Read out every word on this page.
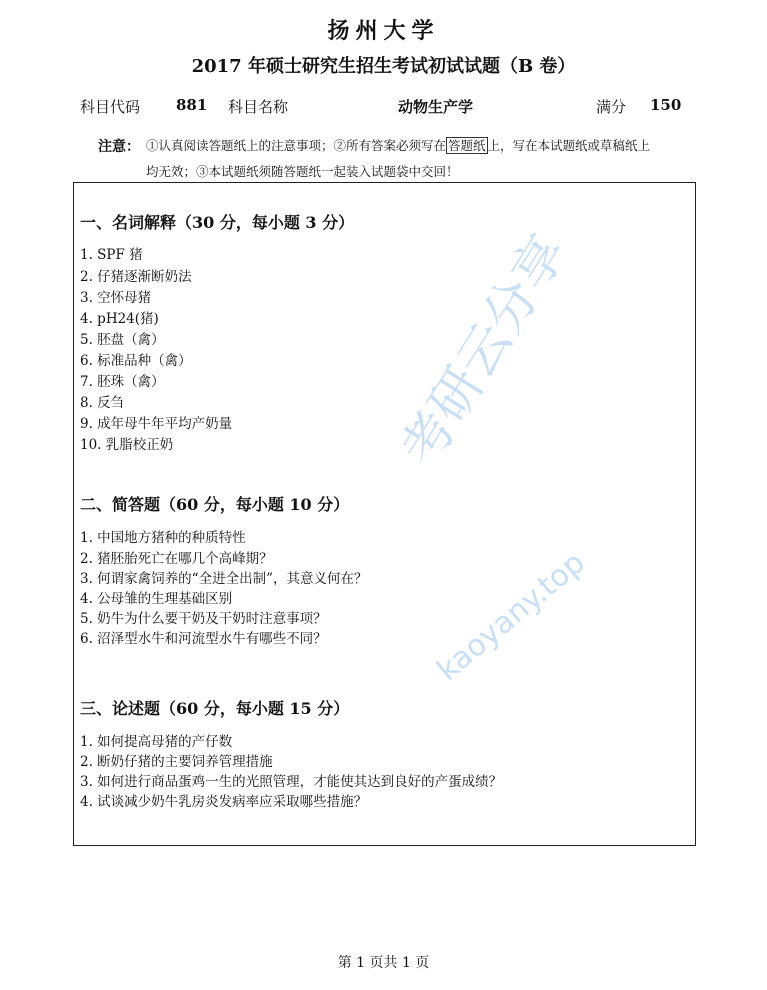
扬州大学
2017 年硕士研究生招生考试初试试题（B 卷）
科目代码 881 科目名称	动物生产学	满分 150
注意： ①认真阅读答题纸上的注意事项；②所有答案必须写在 答题纸 上，写在本试题纸或草稿纸上
均无效；③本试题纸须随答题纸一起装入试题袋中交回！
一、名词解释（30 分，每小题 3 分）
1. SPF 猪
2. 仔猪逐渐断奶法
3. 空怀母猪
4. pH24(猪)
5. 胚盘（禽）
6. 标准品种（禽）
7. 胚珠（禽）
8. 反刍
9. 成年母牛年平均产奶量
10. 乳脂校正奶
二、简答题（60 分，每小题 10 分）
1. 中国地方猪种的种质特性
2. 猪胚胎死亡在哪几个高峰期？
3. 何谓家禽饲养的“全进全出制”，其意义何在？
4. 公母雏的生理基础区别
5. 奶牛为什么要干奶及干奶时注意事项？
6. 沼泽型水牛和河流型水牛有哪些不同？
三、论述题（60 分，每小题 15 分）
1. 如何提高母猪的产仔数
2. 断奶仔猪的主要饲养管理措施
3. 如何进行商品蛋鸡一生的光照管理，才能使其达到良好的产蛋成绩？
4. 试谈减少奶牛乳房炎发病率应采取哪些措施？
第 1 页共 1 页
考研云分享
kaoyany.top
